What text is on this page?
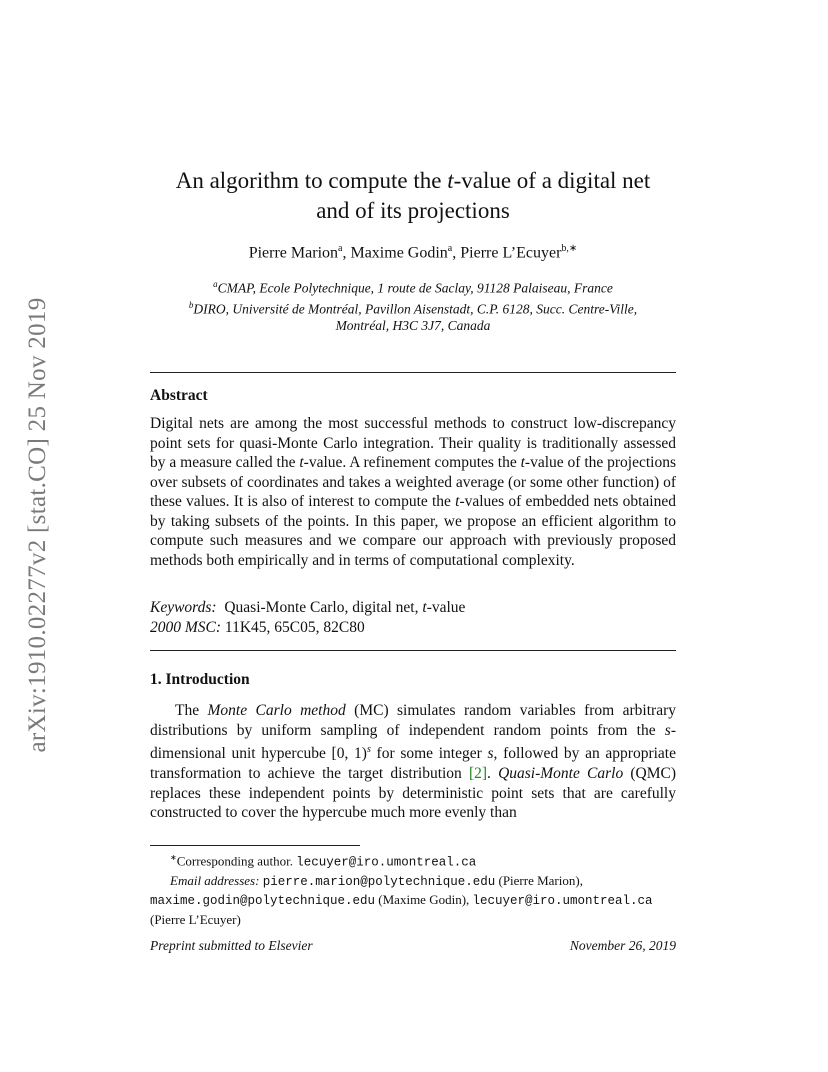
arXiv:1910.02277v2 [stat.CO] 25 Nov 2019
An algorithm to compute the t-value of a digital net
and of its projections
Pierre Marion$^a$, Maxime Godin$^a$, Pierre L’Ecuyer$^{b,∗}$
$^a$CMAP, Ecole Polytechnique, 1 route de Saclay, 91128 Palaiseau, France
$^b$DIRO, Université de Montréal, Pavillon Aisenstadt, C.P. 6128, Succ. Centre-Ville,
Montréal, H3C 3J7, Canada
Abstract

Digital nets are among the most successful methods to construct low-discrepancy point sets for quasi-Monte Carlo integration. Their quality is traditionally assessed by a measure called the t-value. A refinement computes the t-value of the projections over subsets of coordinates and takes a weighted average (or some other function) of these values. It is also of interest to compute the t-values of embedded nets obtained by taking subsets of the points. In this paper, we propose an efficient algorithm to compute such measures and we compare our approach with previously proposed methods both empirically and in terms of computational complexity.

Keywords: Quasi-Monte Carlo, digital net, t-value
2000 MSC: 11K45, 65C05, 82C80
1. Introduction

The Monte Carlo method (MC) simulates random variables from arbitrary distributions by uniform sampling of independent random points from the s-dimensional unit hypercube [0, 1)$^s$ for some integer s, followed by an appropriate transformation to achieve the target distribution [2]. Quasi-Monte Carlo (QMC) replaces these independent points by deterministic point sets that are carefully constructed to cover the hypercube much more evenly than

∗Corresponding author. lecuyer@iro.umontreal.ca
Email addresses: pierre.marion@polytechnique.edu (Pierre Marion),
maxime.godin@polytechnique.edu (Maxime Godin), lecuyer@iro.umontreal.ca
(Pierre L’Ecuyer)
Preprint submitted to Elsevier	November 26, 2019
